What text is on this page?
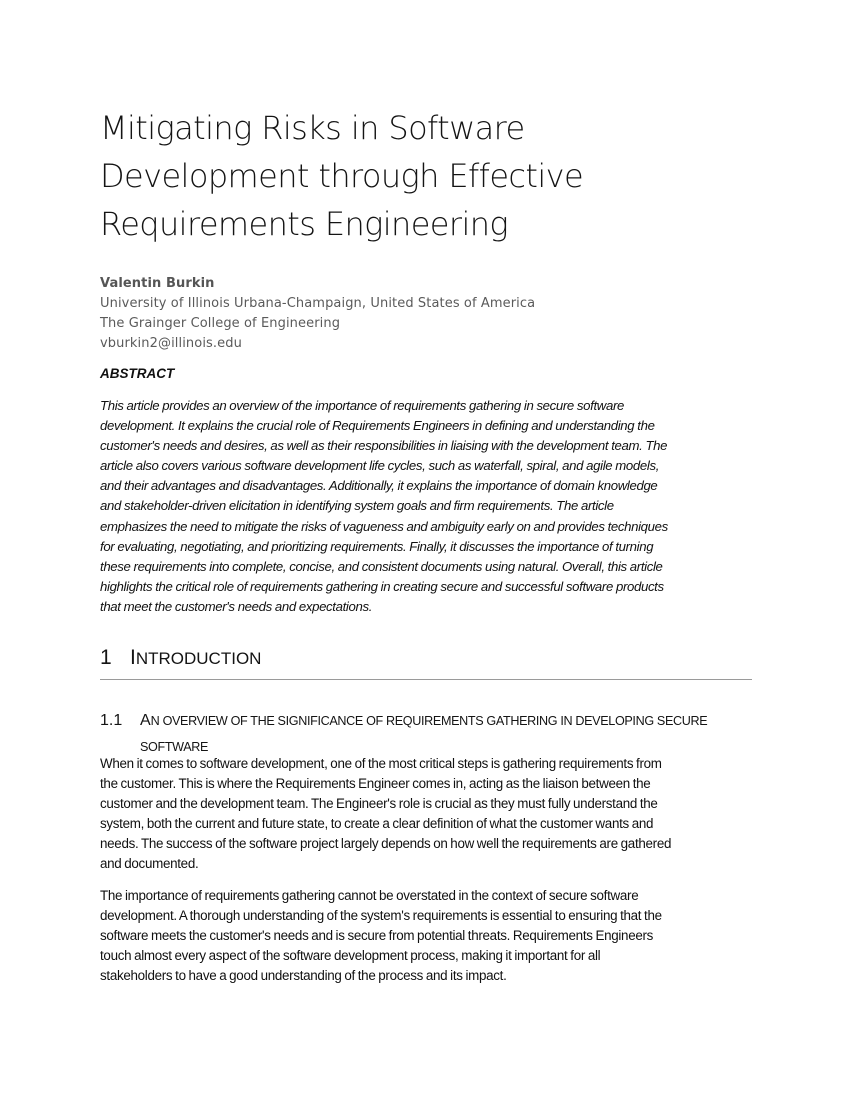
Mitigating Risks in Software
Development through Effective
Requirements Engineering
Valentin Burkin
University of Illinois Urbana-Champaign, United States of America
The Grainger College of Engineering
vburkin2@illinois.edu
ABSTRACT

This article provides an overview of the importance of requirements gathering in secure software
development. It explains the crucial role of Requirements Engineers in defining and understanding the
customer's needs and desires, as well as their responsibilities in liaising with the development team. The
article also covers various software development life cycles, such as waterfall, spiral, and agile models,
and their advantages and disadvantages. Additionally, it explains the importance of domain knowledge
and stakeholder-driven elicitation in identifying system goals and firm requirements. The article
emphasizes the need to mitigate the risks of vagueness and ambiguity early on and provides techniques
for evaluating, negotiating, and prioritizing requirements. Finally, it discusses the importance of turning
these requirements into complete, concise, and consistent documents using natural. Overall, this article
highlights the critical role of requirements gathering in creating secure and successful software products
that meet the customer's needs and expectations.

1 INTRODUCTION
1.1 AN OVERVIEW OF THE SIGNIFICANCE OF REQUIREMENTS GATHERING IN DEVELOPING SECURE
SOFTWARE

When it comes to software development, one of the most critical steps is gathering requirements from
the customer. This is where the Requirements Engineer comes in, acting as the liaison between the
customer and the development team. The Engineer's role is crucial as they must fully understand the
system, both the current and future state, to create a clear definition of what the customer wants and
needs. The success of the software project largely depends on how well the requirements are gathered
and documented.

The importance of requirements gathering cannot be overstated in the context of secure software
development. A thorough understanding of the system's requirements is essential to ensuring that the
software meets the customer's needs and is secure from potential threats. Requirements Engineers
touch almost every aspect of the software development process, making it important for all
stakeholders to have a good understanding of the process and its impact.
